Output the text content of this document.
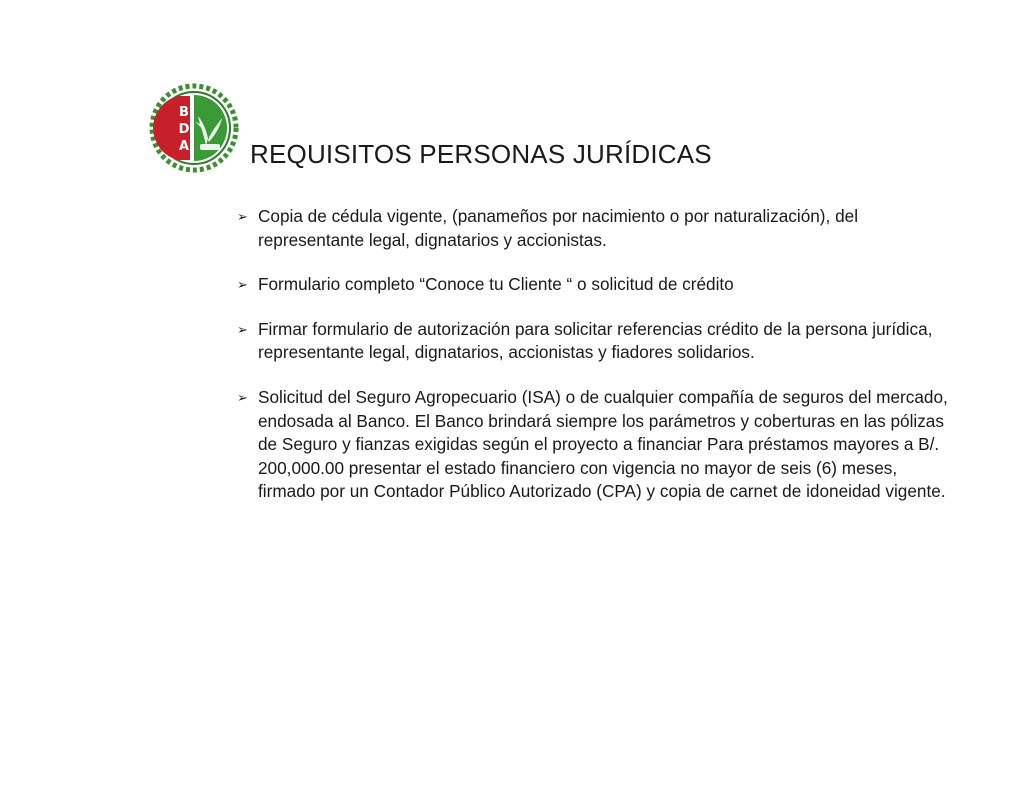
B
D
A REQUISITOS PERSONAS JURÍDICAS
➢ Copia de cédula vigente, (panameños por nacimiento o por naturalización), del representante legal, dignatarios y accionistas.
➢ Formulario completo “Conoce tu Cliente “ o solicitud de crédito
➢ Firmar formulario de autorización para solicitar referencias crédito de la persona jurídica, representante legal, dignatarios, accionistas y fiadores solidarios.
➢ Solicitud del Seguro Agropecuario (ISA) o de cualquier compañía de seguros del mercado, endosada al Banco. El Banco brindará siempre los parámetros y coberturas en las pólizas de Seguro y fianzas exigidas según el proyecto a financiar Para préstamos mayores a B/. 200,000.00 presentar el estado financiero con vigencia no mayor de seis (6) meses, firmado por un Contador Público Autorizado (CPA) y copia de carnet de idoneidad vigente.
